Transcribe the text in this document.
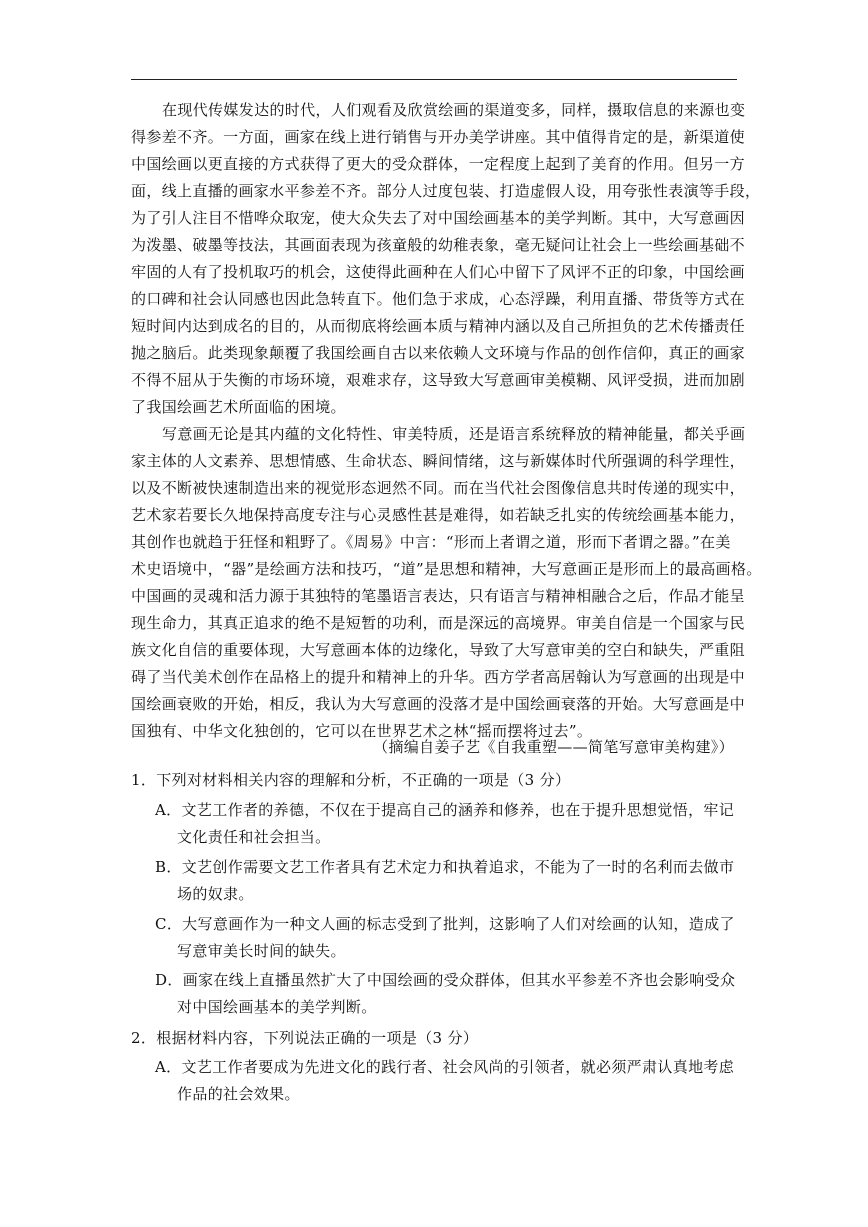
在现代传媒发达的时代，人们观看及欣赏绘画的渠道变多，同样，摄取信息的来源也变
得参差不齐。一方面，画家在线上进行销售与开办美学讲座。其中值得肯定的是，新渠道使
中国绘画以更直接的方式获得了更大的受众群体，一定程度上起到了美育的作用。但另一方
面，线上直播的画家水平参差不齐。部分人过度包装、打造虚假人设，用夸张性表演等手段，
为了引人注目不惜哗众取宠，使大众失去了对中国绘画基本的美学判断。其中，大写意画因
为泼墨、破墨等技法，其画面表现为孩童般的幼稚表象，毫无疑问让社会上一些绘画基础不
牢固的人有了投机取巧的机会，这使得此画种在人们心中留下了风评不正的印象，中国绘画
的口碑和社会认同感也因此急转直下。他们急于求成，心态浮躁，利用直播、带货等方式在
短时间内达到成名的目的，从而彻底将绘画本质与精神内涵以及自己所担负的艺术传播责任
抛之脑后。此类现象颠覆了我国绘画自古以来依赖人文环境与作品的创作信仰，真正的画家
不得不屈从于失衡的市场环境，艰难求存，这导致大写意画审美模糊、风评受损，进而加剧
了我国绘画艺术所面临的困境。
写意画无论是其内蕴的文化特性、审美特质，还是语言系统释放的精神能量，都关乎画
家主体的人文素养、思想情感、生命状态、瞬间情绪，这与新媒体时代所强调的科学理性，
以及不断被快速制造出来的视觉形态迥然不同。而在当代社会图像信息共时传递的现实中，
艺术家若要长久地保持高度专注与心灵感性甚是难得，如若缺乏扎实的传统绘画基本能力，
其创作也就趋于狂怪和粗野了。《周易》中言：“形而上者谓之道，形而下者谓之器。”在美
术史语境中，“器”是绘画方法和技巧，“道”是思想和精神，大写意画正是形而上的最高画格。
中国画的灵魂和活力源于其独特的笔墨语言表达，只有语言与精神相融合之后，作品才能呈
现生命力，其真正追求的绝不是短暂的功利，而是深远的高境界。审美自信是一个国家与民
族文化自信的重要体现，大写意画本体的边缘化，导致了大写意审美的空白和缺失，严重阻
碍了当代美术创作在品格上的提升和精神上的升华。西方学者高居翰认为写意画的出现是中
国绘画衰败的开始，相反，我认为大写意画的没落才是中国绘画衰落的开始。大写意画是中
国独有、中华文化独创的，它可以在世界艺术之林“摇而摆将过去”。
（摘编自姜子艺《自我重塑——简笔写意审美构建》）
1．下列对材料相关内容的理解和分析，不正确的一项是（3 分）
A．文艺工作者的养德，不仅在于提高自己的涵养和修养，也在于提升思想觉悟，牢记
文化责任和社会担当。
B．文艺创作需要文艺工作者具有艺术定力和执着追求，不能为了一时的名利而去做市
场的奴隶。
C．大写意画作为一种文人画的标志受到了批判，这影响了人们对绘画的认知，造成了
写意审美长时间的缺失。
D．画家在线上直播虽然扩大了中国绘画的受众群体，但其水平参差不齐也会影响受众
对中国绘画基本的美学判断。
2．根据材料内容，下列说法正确的一项是（3 分）
A．文艺工作者要成为先进文化的践行者、社会风尚的引领者，就必须严肃认真地考虑
作品的社会效果。
